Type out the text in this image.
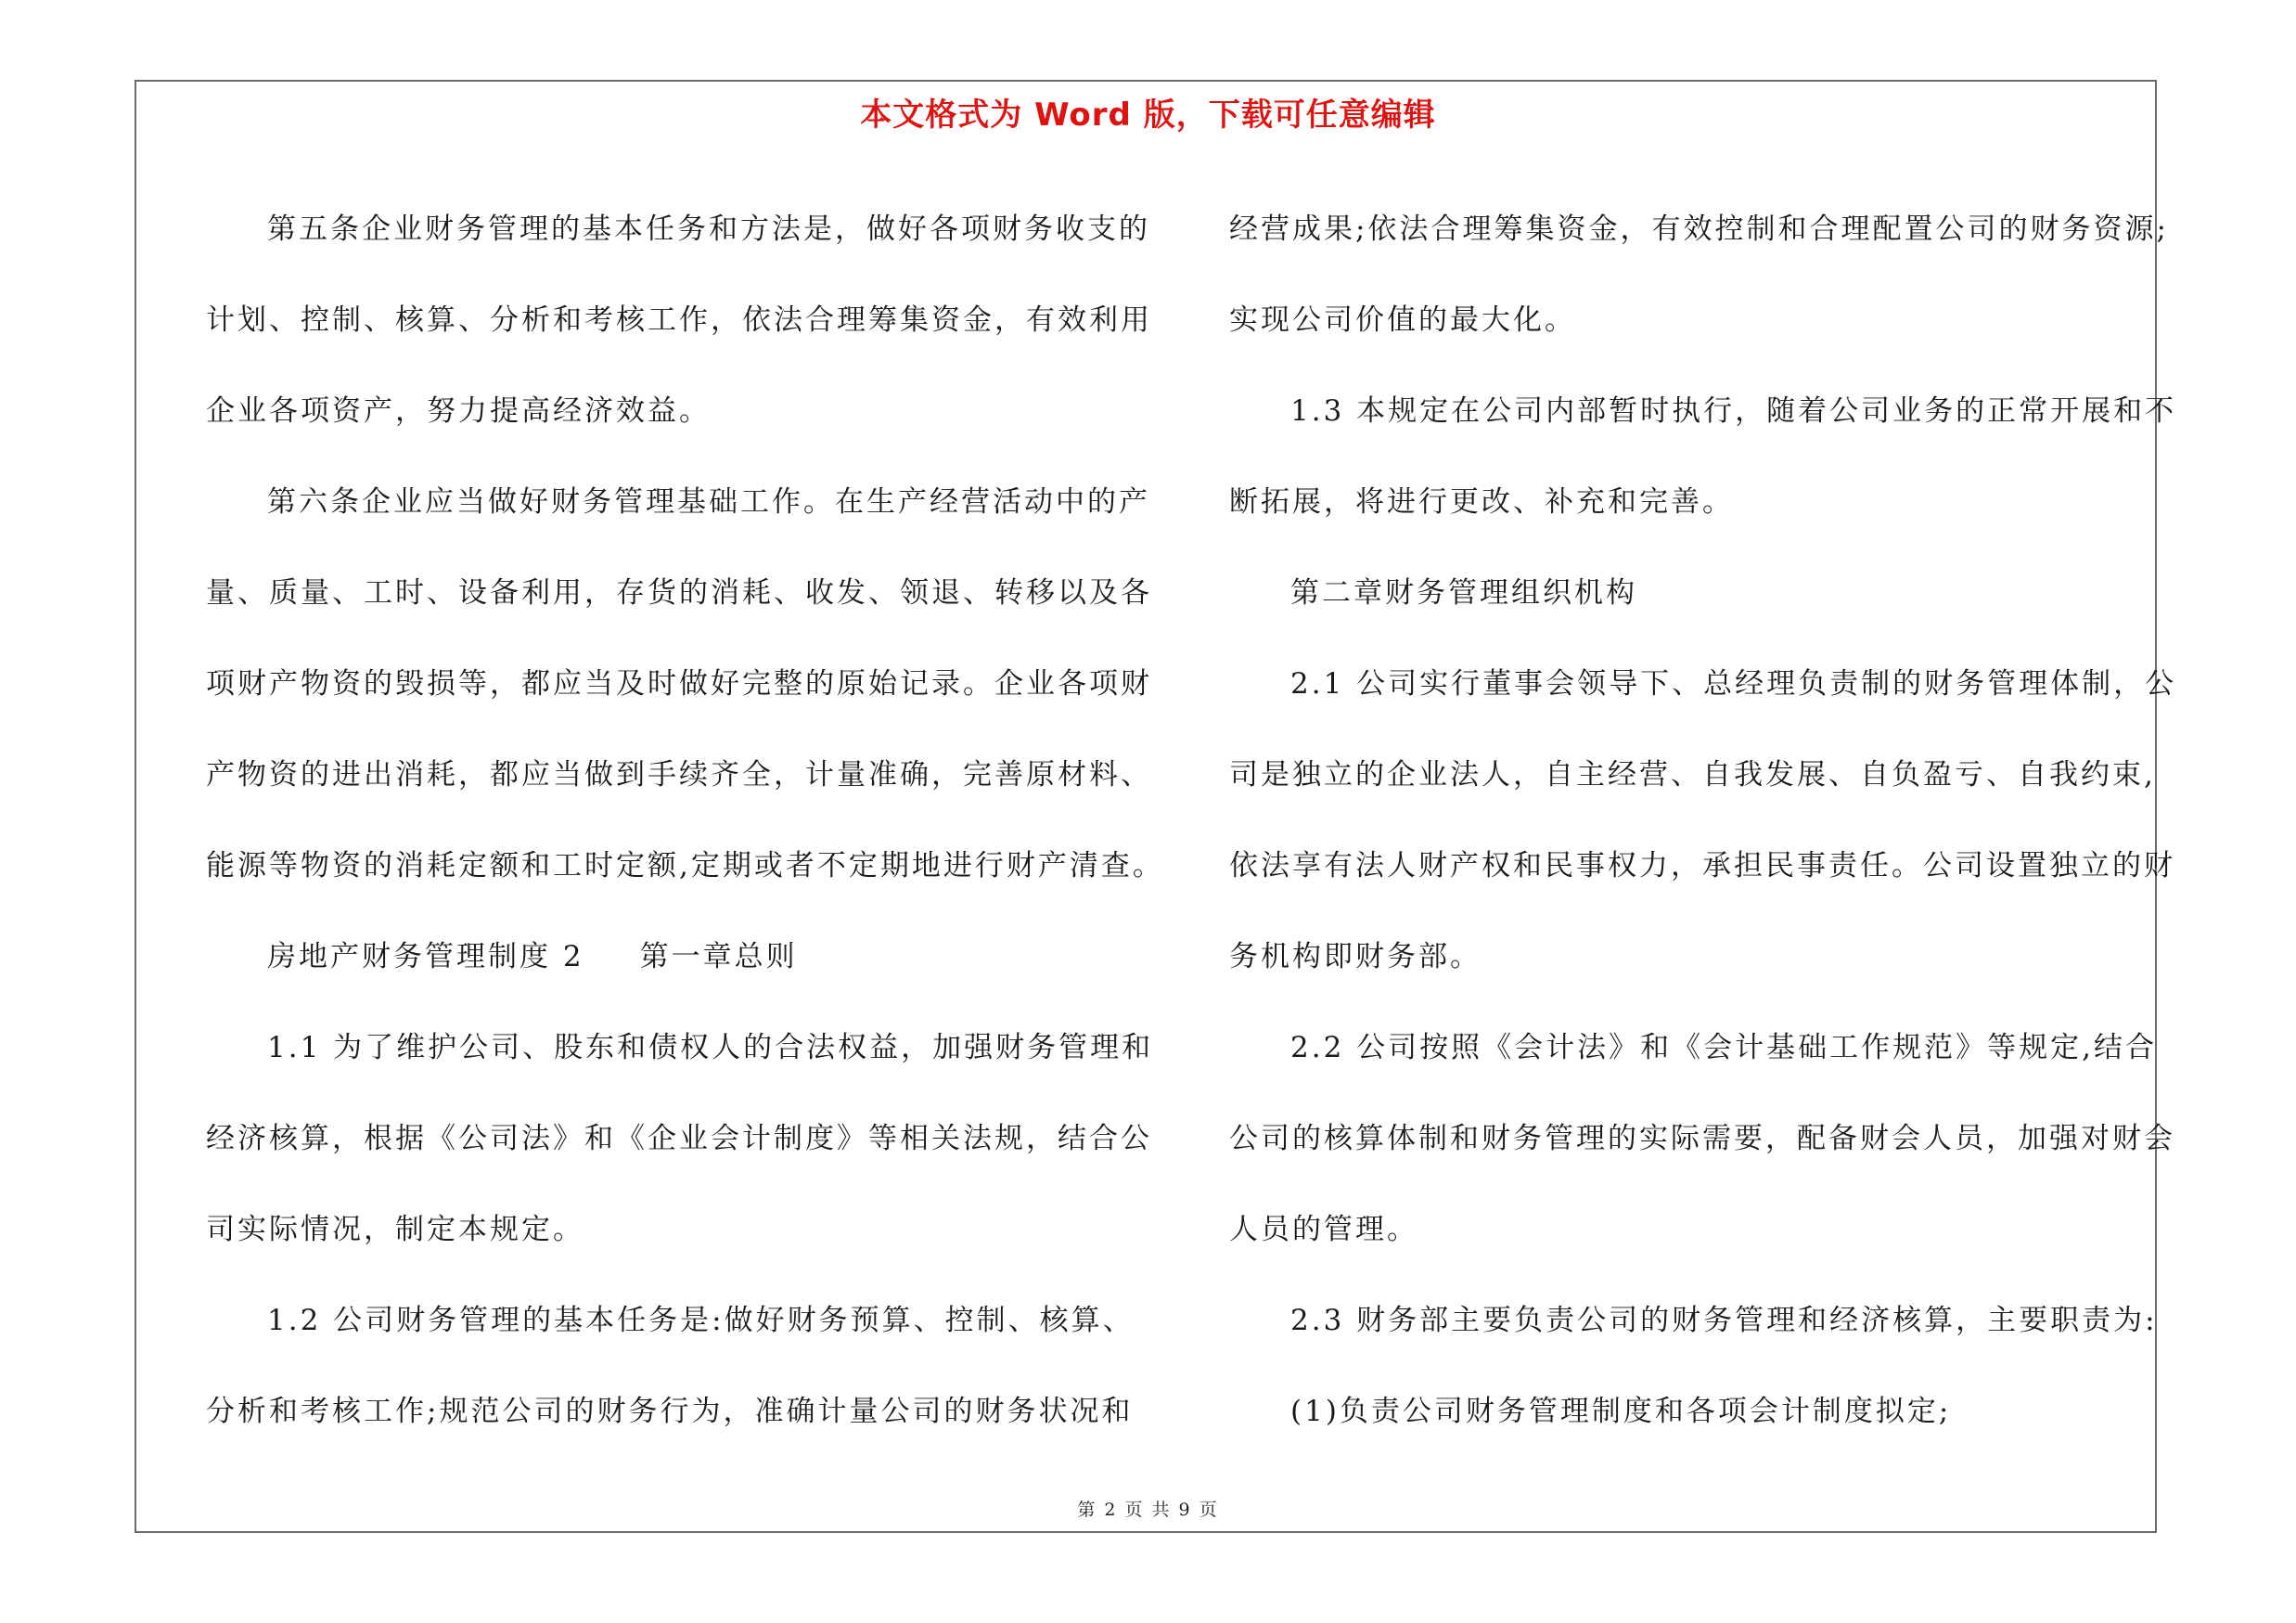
本文格式为 Word 版，下载可任意编辑
第五条企业财务管理的基本任务和方法是，做好各项财务收支的
计划、控制、核算、分析和考核工作，依法合理筹集资金，有效利用
企业各项资产，努力提高经济效益。
第六条企业应当做好财务管理基础工作。在生产经营活动中的产
量、质量、工时、设备利用，存货的消耗、收发、领退、转移以及各
项财产物资的毁损等，都应当及时做好完整的原始记录。企业各项财
产物资的进出消耗，都应当做到手续齐全，计量准确，完善原材料、
能源等物资的消耗定额和工时定额,定期或者不定期地进行财产清查。
房地产财务管理制度 2 第一章总则
1.1 为了维护公司、股东和债权人的合法权益，加强财务管理和
经济核算，根据《公司法》和《企业会计制度》等相关法规，结合公
司实际情况，制定本规定。
1.2 公司财务管理的基本任务是:做好财务预算、控制、核算、
分析和考核工作;规范公司的财务行为，准确计量公司的财务状况和
经营成果;依法合理筹集资金，有效控制和合理配置公司的财务资源;
实现公司价值的最大化。
1.3 本规定在公司内部暂时执行，随着公司业务的正常开展和不
断拓展，将进行更改、补充和完善。
第二章财务管理组织机构
2.1 公司实行董事会领导下、总经理负责制的财务管理体制，公
司是独立的企业法人，自主经营、自我发展、自负盈亏、自我约束,
依法享有法人财产权和民事权力，承担民事责任。公司设置独立的财
务机构即财务部。
2.2 公司按照《会计法》和《会计基础工作规范》等规定,结合
公司的核算体制和财务管理的实际需要，配备财会人员，加强对财会
人员的管理。
2.3 财务部主要负责公司的财务管理和经济核算，主要职责为:
(1)负责公司财务管理制度和各项会计制度拟定;
第 2 页 共 9 页
